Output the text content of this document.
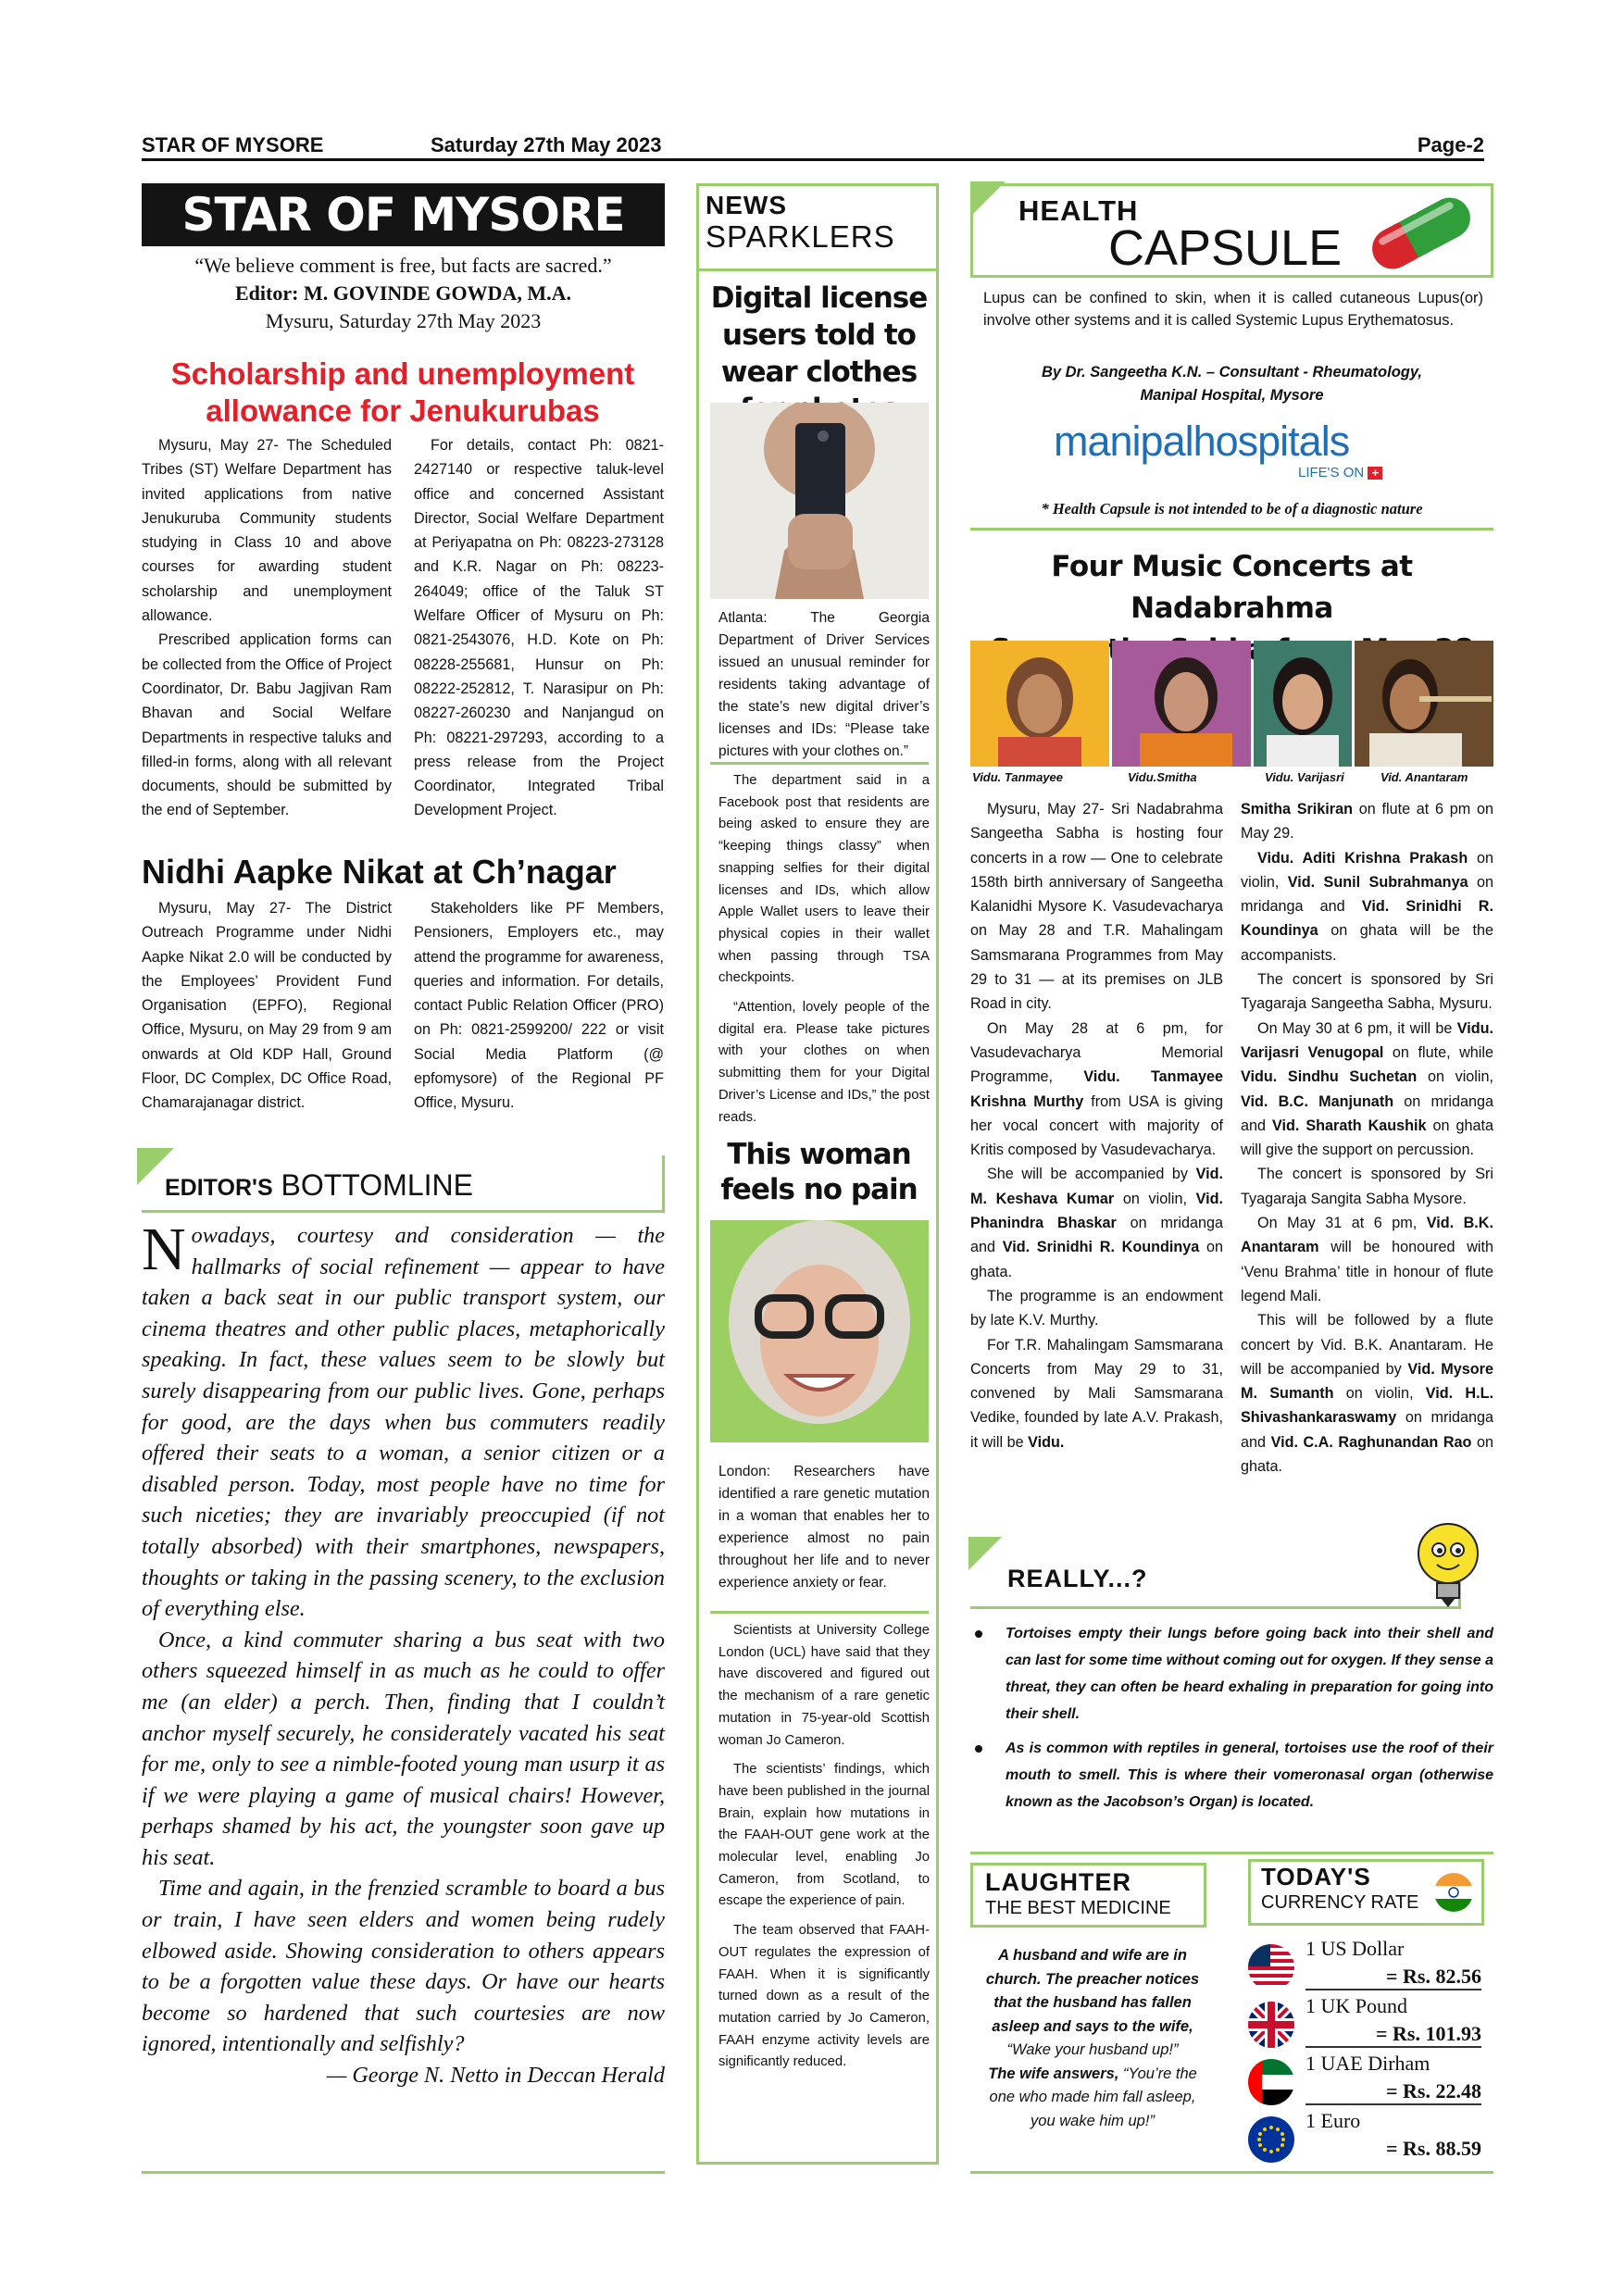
STAR OF MYSORE	Saturday 27th May 2023	Page-2
STAR OF MYSORE
“We believe comment is free, but facts are sacred.”
Editor: M. GOVINDE GOWDA, M.A.
Mysuru, Saturday 27th May 2023
Scholarship and unemployment
allowance for Jenukurubas

Mysuru, May 27- The Scheduled Tribes (ST) Welfare Department has invited applications from native Jenukuruba Community students studying in Class 10 and above courses for awarding student scholarship and unemployment allowance.

Prescribed application forms can be collected from the Office of Project Coordinator, Dr. Babu Jagjivan Ram Bhavan and Social Welfare Departments in respective taluks and filled-in forms, along with all relevant documents, should be submitted by the end of September.

For details, contact Ph: 0821-2427140 or respective taluk-level office and concerned Assistant Director, Social Welfare Department at Periyapatna on Ph: 08223-273128 and K.R. Nagar on Ph: 08223-264049; office of the Taluk ST Welfare Officer of Mysuru on Ph: 0821-2543076, H.D. Kote on Ph: 08228-255681, Hunsur on Ph: 08222-252812, T. Narasipur on Ph: 08227-260230 and Nanjangud on Ph: 08221-297293, according to a press release from the Project Coordinator, Integrated Tribal Development Project.

Nidhi Aapke Nikat at Ch’nagar

Mysuru, May 27- The District Outreach Programme under Nidhi Aapke Nikat 2.0 will be conducted by the Employees’ Provident Fund Organisation (EPFO), Regional Office, Mysuru, on May 29 from 9 am onwards at Old KDP Hall, Ground Floor, DC Complex, DC Office Road, Chamarajanagar district.

Stakeholders like PF Members, Pensioners, Employers etc., may attend the programme for awareness, queries and information. For details, contact Public Relation Officer (PRO) on Ph: 0821-2599200/ 222 or visit Social Media Platform (@ epfomysore) of the Regional PF Office, Mysuru.

EDITOR'S BOTTOMLINE

Nowadays, courtesy and consideration — the hallmarks of social refinement — appear to have taken a back seat in our public transport system, our cinema theatres and other public places, metaphorically speaking. In fact, these values seem to be slowly but surely disappearing from our public lives. Gone, perhaps for good, are the days when bus commuters readily offered their seats to a woman, a senior citizen or a disabled person. Today, most people have no time for such niceties; they are invariably preoccupied (if not totally absorbed) with their smartphones, newspapers, thoughts or taking in the passing scenery, to the exclusion of everything else.

Once, a kind commuter sharing a bus seat with two others squeezed himself in as much as he could to offer me (an elder) a perch. Then, finding that I couldn’t anchor myself securely, he considerately vacated his seat for me, only to see a nimble-footed young man usurp it as if we were playing a game of musical chairs! However, perhaps shamed by his act, the youngster soon gave up his seat.

Time and again, in the frenzied scramble to board a bus or train, I have seen elders and women being rudely elbowed aside. Showing consideration to others appears to be a forgotten value these days. Or have our hearts become so hardened that such courtesies are now ignored, intentionally and selfishly?

— George N. Netto in Deccan Herald

NEWS
SPARKLERS
Digital license users told to wear clothes

Atlanta: The Georgia Department of Driver Services issued an unusual reminder for residents taking advantage of the state’s new digital driver’s licenses and IDs: “Please take pictures with your clothes on.”

The department said in a Facebook post that residents are being asked to ensure they are “keeping things classy” when snapping selfies for their digital licenses and IDs, which allow Apple Wallet users to leave their physical copies in their wallet when passing through TSA checkpoints.

“Attention, lovely people of the digital era. Please take pictures with your clothes on when submitting them for your Digital Driver’s License and IDs,” the post reads.

This woman feels no pain

London: Researchers have identified a rare genetic mutation in a woman that enables her to experience almost no pain throughout her life and to never experience anxiety or fear.

Scientists at University College London (UCL) have said that they have discovered and figured out the mechanism of a rare genetic mutation in 75-year-old Scottish woman Jo Cameron.

The scientists’ findings, which have been published in the journal Brain, explain how mutations in the FAAH-OUT gene work at the molecular level, enabling Jo Cameron, from Scotland, to escape the experience of pain.

The team observed that FAAH-OUT regulates the expression of FAAH. When it is significantly turned down as a result of the mutation carried by Jo Cameron, FAAH enzyme activity levels are significantly reduced.

HEALTH
CAPSULE
Lupus can be confined to skin, when it is called cutaneous Lupus(or) involve other systems and it is called Systemic Lupus Erythematosus.
By Dr. Sangeetha K.N. – Consultant - Rheumatology,
Manipal Hospital, Mysore
manipalhospitals
LIFE'S ON +
* Health Capsule is not intended to be of a diagnostic nature
Four Music Concerts at Nadabrahma
Vidu. Tanmayee	Vidu.Smitha	Vidu. Varijasri	Vid. Anantaram

Mysuru, May 27- Sri Nadabrahma Sangeetha Sabha is hosting four concerts in a row — One to celebrate 158th birth anniversary of Sangeetha Kalanidhi Mysore K. Vasudevacharya on May 28 and T.R. Mahalingam Samsmarana Programmes from May 29 to 31 — at its premises on JLB Road in city.

On May 28 at 6 pm, for Vasudevacharya Memorial Programme, Vidu. Tanmayee Krishna Murthy from USA is giving her vocal concert with majority of Kritis composed by Vasudevacharya.

She will be accompanied by Vid. M. Keshava Kumar on violin, Vid. Phanindra Bhaskar on mridanga and Vid. Srinidhi R. Koundinya on ghata.

The programme is an endowment by late K.V. Murthy.

For T.R. Mahalingam Samsmarana Concerts from May 29 to 31, convened by Mali Samsmarana Vedike, founded by late A.V. Prakash, it will be Vidu.

Smitha Srikiran on flute at 6 pm on May 29.

Vidu. Aditi Krishna Prakash on violin, Vid. Sunil Subrahmanya on mridanga and Vid. Srinidhi R. Koundinya on ghata will be the accompanists.

The concert is sponsored by Sri Tyagaraja Sangeetha Sabha, Mysuru.

On May 30 at 6 pm, it will be Vidu. Varijasri Venugopal on flute, while Vidu. Sindhu Suchetan on violin, Vid. B.C. Manjunath on mridanga and Vid. Sharath Kaushik on ghata will give the support on percussion.

The concert is sponsored by Sri Tyagaraja Sangita Sabha Mysore.

On May 31 at 6 pm, Vid. B.K. Anantaram will be honoured with ‘Venu Brahma’ title in honour of flute legend Mali.

This will be followed by a flute concert by Vid. B.K. Anantaram. He will be accompanied by Vid. Mysore M. Sumanth on violin, Vid. H.L. Shivashankaraswamy on mridanga and Vid. C.A. Raghunandan Rao on ghata.

REALLY...?

Tortoises empty their lungs before going back into their shell and can last for some time without coming out for oxygen. If they sense a threat, they can often be heard exhaling in preparation for going into their shell.

As is common with reptiles in general, tortoises use the roof of their mouth to smell. This is where their vomeronasal organ (otherwise known as the Jacobson’s Organ) is located.

LAUGHTER
THE BEST MEDICINE
A husband and wife are in church. The preacher notices that the husband has fallen asleep and says to the wife, “Wake your husband up!”
The wife answers, “You’re the one who made him fall asleep, you wake him up!”
TODAY'S
CURRENCY RATE
1 US Dollar
= Rs. 82.56
1 UK Pound
= Rs. 101.93
1 UAE Dirham
= Rs. 22.48
1 Euro
= Rs. 88.59
